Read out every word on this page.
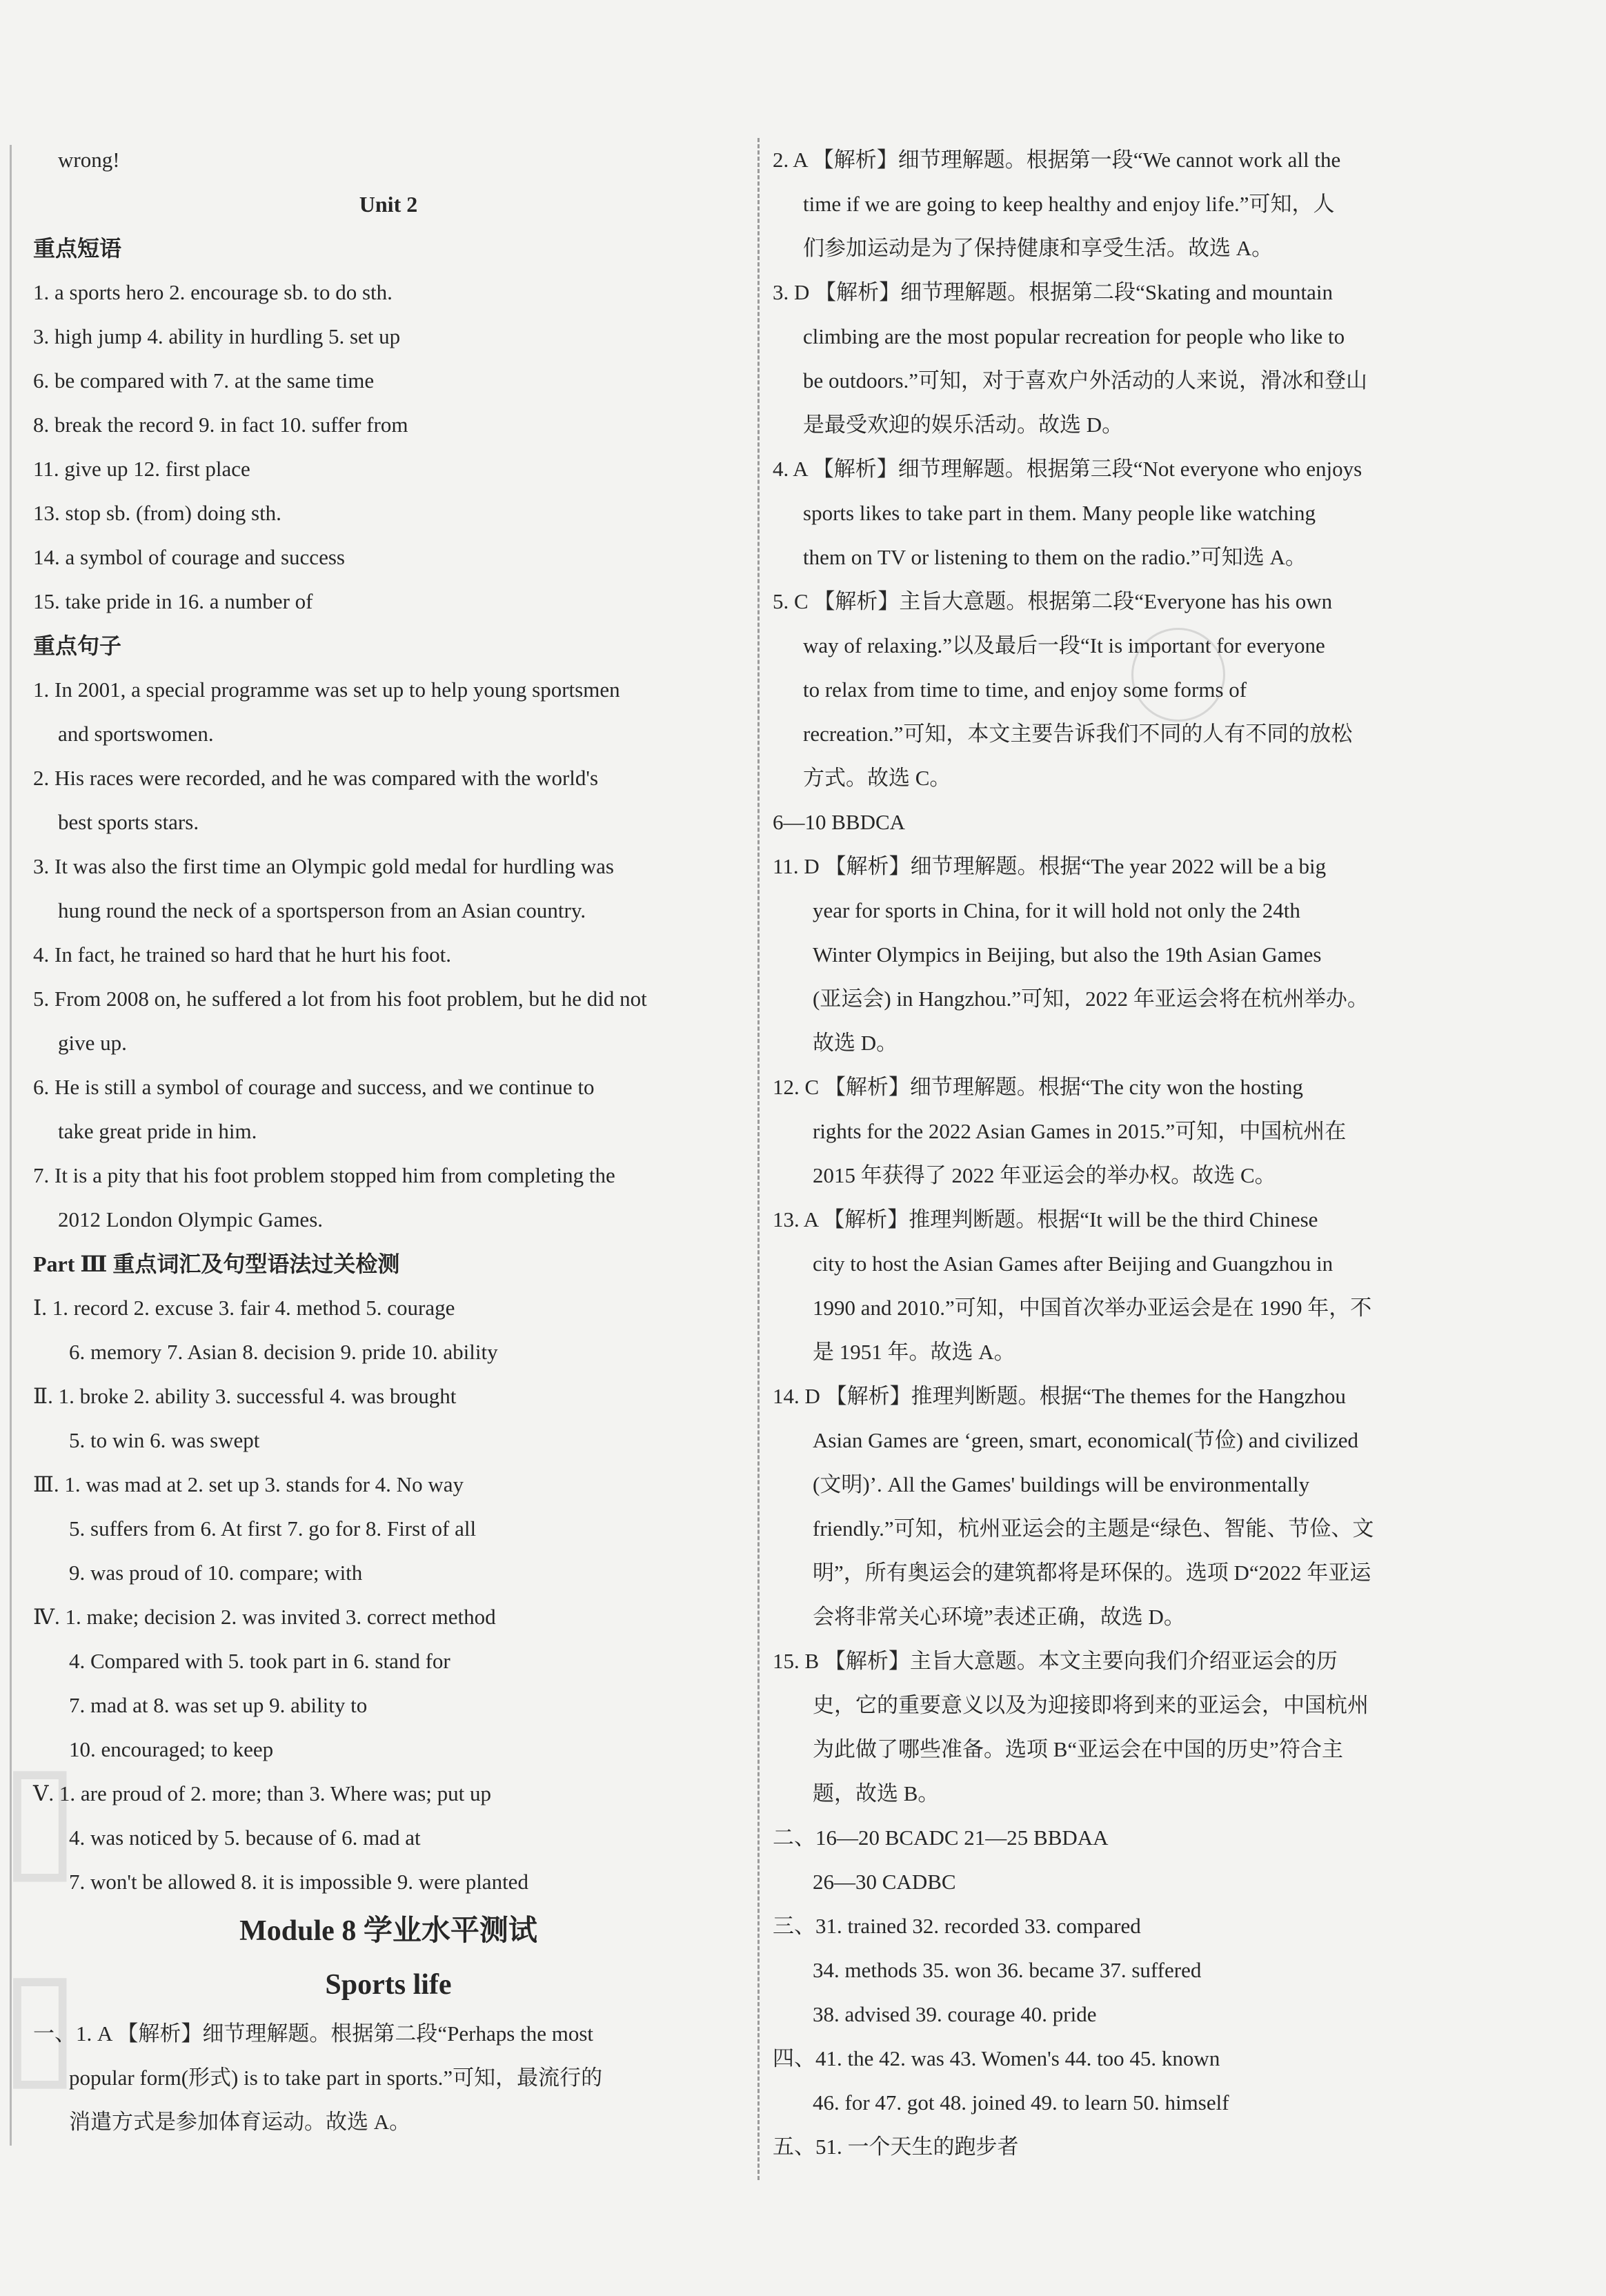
▯
▯
wrong!
Unit 2
重点短语
1. a sports hero 2. encourage sb. to do sth.
3. high jump 4. ability in hurdling 5. set up
6. be compared with 7. at the same time
8. break the record 9. in fact 10. suffer from
11. give up 12. first place
13. stop sb. (from) doing sth.
14. a symbol of courage and success
15. take pride in 16. a number of
重点句子
1. In 2001, a special programme was set up to help young sportsmen
and sportswomen.
2. His races were recorded, and he was compared with the world's
best sports stars.
3. It was also the first time an Olympic gold medal for hurdling was
hung round the neck of a sportsperson from an Asian country.
4. In fact, he trained so hard that he hurt his foot.
5. From 2008 on, he suffered a lot from his foot problem, but he did not
give up.
6. He is still a symbol of courage and success, and we continue to
take great pride in him.
7. It is a pity that his foot problem stopped him from completing the
2012 London Olympic Games.
Part Ⅲ 重点词汇及句型语法过关检测
Ⅰ. 1. record 2. excuse 3. fair 4. method 5. courage
6. memory 7. Asian 8. decision 9. pride 10. ability
Ⅱ. 1. broke 2. ability 3. successful 4. was brought
5. to win 6. was swept
Ⅲ. 1. was mad at 2. set up 3. stands for 4. No way
5. suffers from 6. At first 7. go for 8. First of all
9. was proud of 10. compare; with
Ⅳ. 1. make; decision 2. was invited 3. correct method
4. Compared with 5. took part in 6. stand for
7. mad at 8. was set up 9. ability to
10. encouraged; to keep
Ⅴ. 1. are proud of 2. more; than 3. Where was; put up
4. was noticed by 5. because of 6. mad at
7. won't be allowed 8. it is impossible 9. were planted
Module 8 学业水平测试
Sports life
一、1. A 【解析】细节理解题。根据第二段“Perhaps the most
popular form(形式) is to take part in sports.”可知，最流行的
消遣方式是参加体育运动。故选 A。
2. A 【解析】细节理解题。根据第一段“We cannot work all the
time if we are going to keep healthy and enjoy life.”可知，人
们参加运动是为了保持健康和享受生活。故选 A。
3. D 【解析】细节理解题。根据第二段“Skating and mountain
climbing are the most popular recreation for people who like to
be outdoors.”可知，对于喜欢户外活动的人来说，滑冰和登山
是最受欢迎的娱乐活动。故选 D。
4. A 【解析】细节理解题。根据第三段“Not everyone who enjoys
sports likes to take part in them. Many people like watching
them on TV or listening to them on the radio.”可知选 A。
5. C 【解析】主旨大意题。根据第二段“Everyone has his own
way of relaxing.”以及最后一段“It is important for everyone
to relax from time to time, and enjoy some forms of
recreation.”可知，本文主要告诉我们不同的人有不同的放松
方式。故选 C。
6—10 BBDCA
11. D 【解析】细节理解题。根据“The year 2022 will be a big
year for sports in China, for it will hold not only the 24th
Winter Olympics in Beijing, but also the 19th Asian Games
(亚运会) in Hangzhou.”可知，2022 年亚运会将在杭州举办。
故选 D。
12. C 【解析】细节理解题。根据“The city won the hosting
rights for the 2022 Asian Games in 2015.”可知，中国杭州在
2015 年获得了 2022 年亚运会的举办权。故选 C。
13. A 【解析】推理判断题。根据“It will be the third Chinese
city to host the Asian Games after Beijing and Guangzhou in
1990 and 2010.”可知，中国首次举办亚运会是在 1990 年，不
是 1951 年。故选 A。
14. D 【解析】推理判断题。根据“The themes for the Hangzhou
Asian Games are ‘green, smart, economical(节俭) and civilized
(文明)’. All the Games' buildings will be environmentally
friendly.”可知，杭州亚运会的主题是“绿色、智能、节俭、文
明”，所有奥运会的建筑都将是环保的。选项 D“2022 年亚运
会将非常关心环境”表述正确，故选 D。
15. B 【解析】主旨大意题。本文主要向我们介绍亚运会的历
史，它的重要意义以及为迎接即将到来的亚运会，中国杭州
为此做了哪些准备。选项 B“亚运会在中国的历史”符合主
题，故选 B。
二、16—20 BCADC 21—25 BBDAA
26—30 CADBC
三、31. trained 32. recorded 33. compared
34. methods 35. won 36. became 37. suffered
38. advised 39. courage 40. pride
四、41. the 42. was 43. Women's 44. too 45. known
46. for 47. got 48. joined 49. to learn 50. himself
五、51. 一个天生的跑步者
